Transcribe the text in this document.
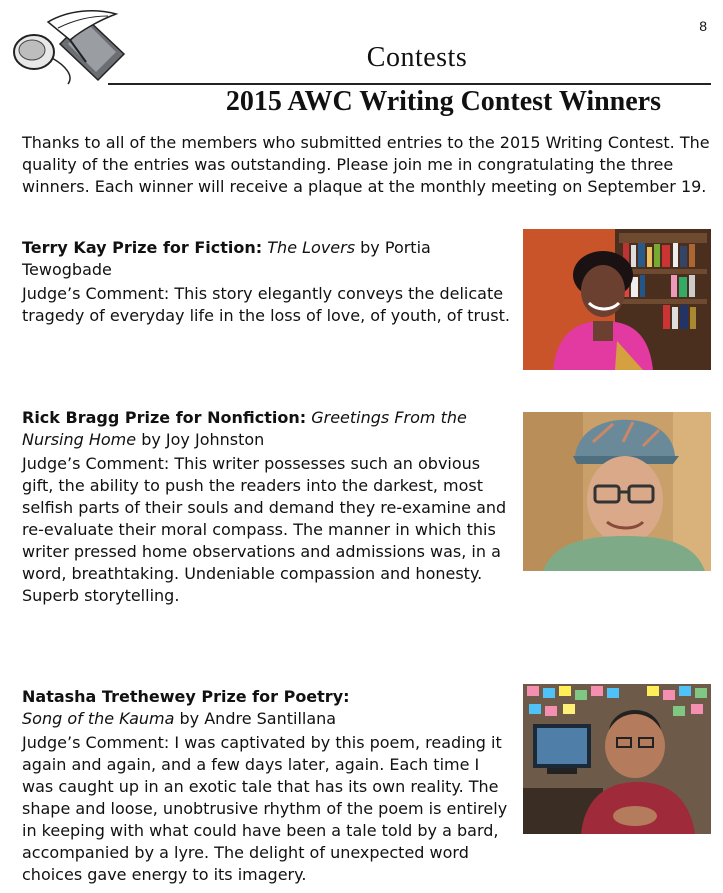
8
Contests
2015 AWC Writing Contest Winners

Thanks to all of the members who submitted entries to the 2015 Writing Contest. The quality of the entries was outstanding. Please join me in congratulating the three winners. Each winner will receive a plaque at the monthly meeting on September 19.

Terry Kay Prize for Fiction: The Lovers by Portia Tewogbade

Judge’s Comment: This story elegantly conveys the delicate tragedy of everyday life in the loss of love, of youth, of trust.

Rick Bragg Prize for Nonfiction: Greetings From the Nursing Home by Joy Johnston

Judge’s Comment: This writer possesses such an obvious gift, the ability to push the readers into the darkest, most selfish parts of their souls and demand they re-examine and re-evaluate their moral compass. The manner in which this writer pressed home observations and admissions was, in a word, breathtaking. Undeniable compassion and honesty. Superb storytelling.

Natasha Trethewey Prize for Poetry:
Song of the Kauma by Andre Santillana

Judge’s Comment: I was captivated by this poem, reading it again and again, and a few days later, again. Each time I was caught up in an exotic tale that has its own reality. The shape and loose, unobtrusive rhythm of the poem is entirely in keeping with what could have been a tale told by a bard, accompanied by a lyre. The delight of unexpected word choices gave energy to its imagery.
